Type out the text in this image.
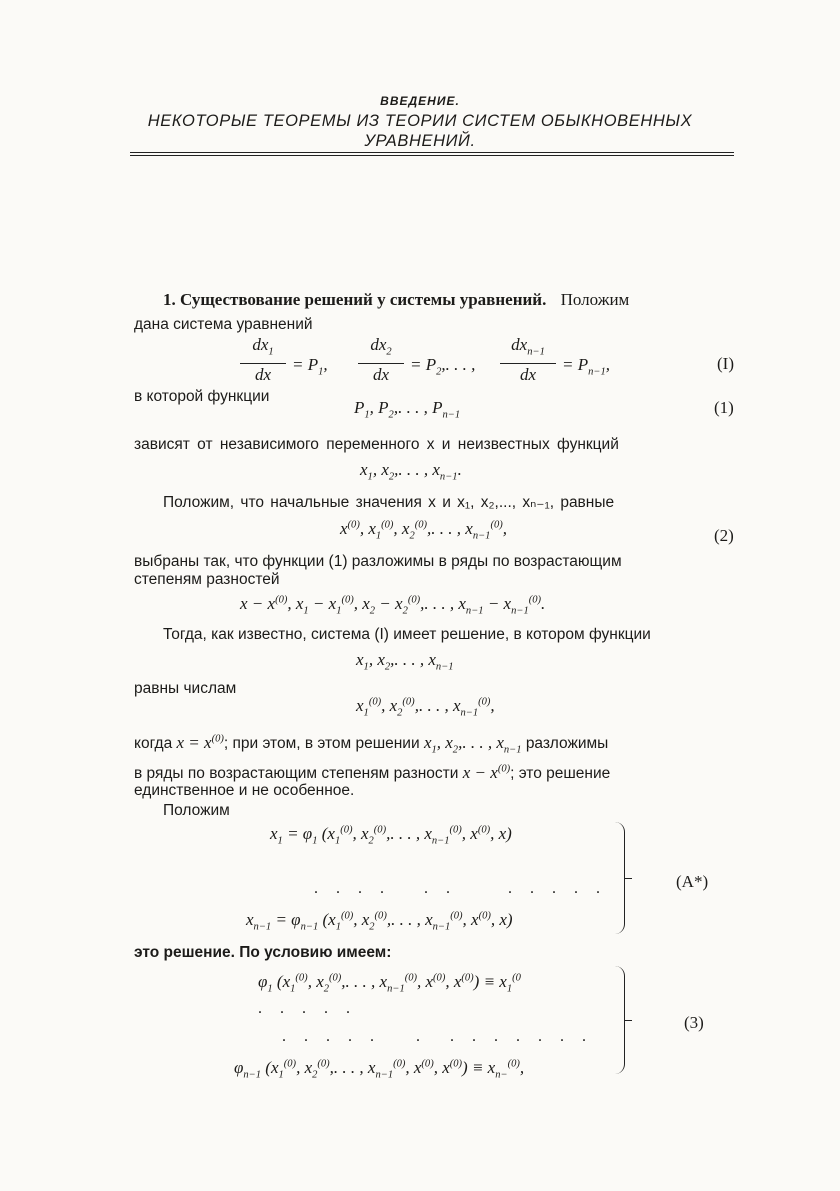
ВВЕДЕНИЕ.
НЕКОТОРЫЕ ТЕОРЕМЫ ИЗ ТЕОРИИ СИСТЕМ ОБЫКНОВЕННЫХ
УРАВНЕНИЙ.
1. Существование решений у системы уравнений. Положим
дана система уравнений
$\frac{dx_1}{dx} = P_1$, $\frac{dx_2}{dx} = P_2$,. . . ,
$dx_{n-1}$
dx
= $P_{n-1}$,	(I)
в которой функции
$P_1$, $P_2$,. . . , $P_{n-1}$	(1)
зависят от независимого переменного x и неизвестных функций
$x_1$, $x_2$,. . . , $x_{n-1}$.
Положим, что начальные значения x и x₁, x₂,..., xₙ₋₁, равные
$x^{(0)}$, $x_1^{(0)}$, $x_2^{(0)}$,. . . , $x_{n-1}^{(0)}$,	(2)
выбраны так, что функции (1) разложимы в ряды по возрастающим
степеням разностей
$x - x^{(0)}$, $x_1 - x_1^{(0)}$, $x_2 - x_2^{(0)}$,. . . , $x_{n-1} - x_{n-1}^{(0)}$.
Тогда, как известно, система (I) имеет решение, в котором функции
$x_1$, $x_2$,. . . , $x_{n-1}$
равны числам
$x_1^{(0)}$, $x_2^{(0)}$,. . . , $x_{n-1}^{(0)}$,
когда $x = x^{(0)}$; при этом, в этом решении $x_1$, $x_2$,. . . , $x_{n-1}$ разложимы
в ряды по возрастающим степеням разности $x - x^{(0)}$; это решение
единственное и не особенное.
Положим
$x_1 = \varphi_1$ ($x_1^{(0)}$, $x_2^{(0)}$,. . . , $x_{n-1}^{(0)}$, $x^{(0)}$, x)
. . . . . .	. . . . .
$x_{n-1} = \varphi_{n-1}$ ($x_1^{(0)}$, $x_2^{(0)}$,. . . , $x_{n-1}^{(0)}$, $x^{(0)}$, x)
(A*)
это решение. По условию имеем:
$\varphi_1$ ($x_1^{(0)}$, $x_2^{(0)}$,. . . , $x_{n-1}^{(0)}$, $x^{(0)}$, $x^{(0)}) \equiv x_1^{(0}$
. . . . .
. . . . . . . . . . . . .
$\varphi_{n-1}$ ($x_1^{(0)}$, $x_2^{(0)}$,. . . , $x_{n-1}^{(0)}$, $x^{(0)}$, $x^{(0)}) \equiv x_{n-}^{(0)}$,
(3)
